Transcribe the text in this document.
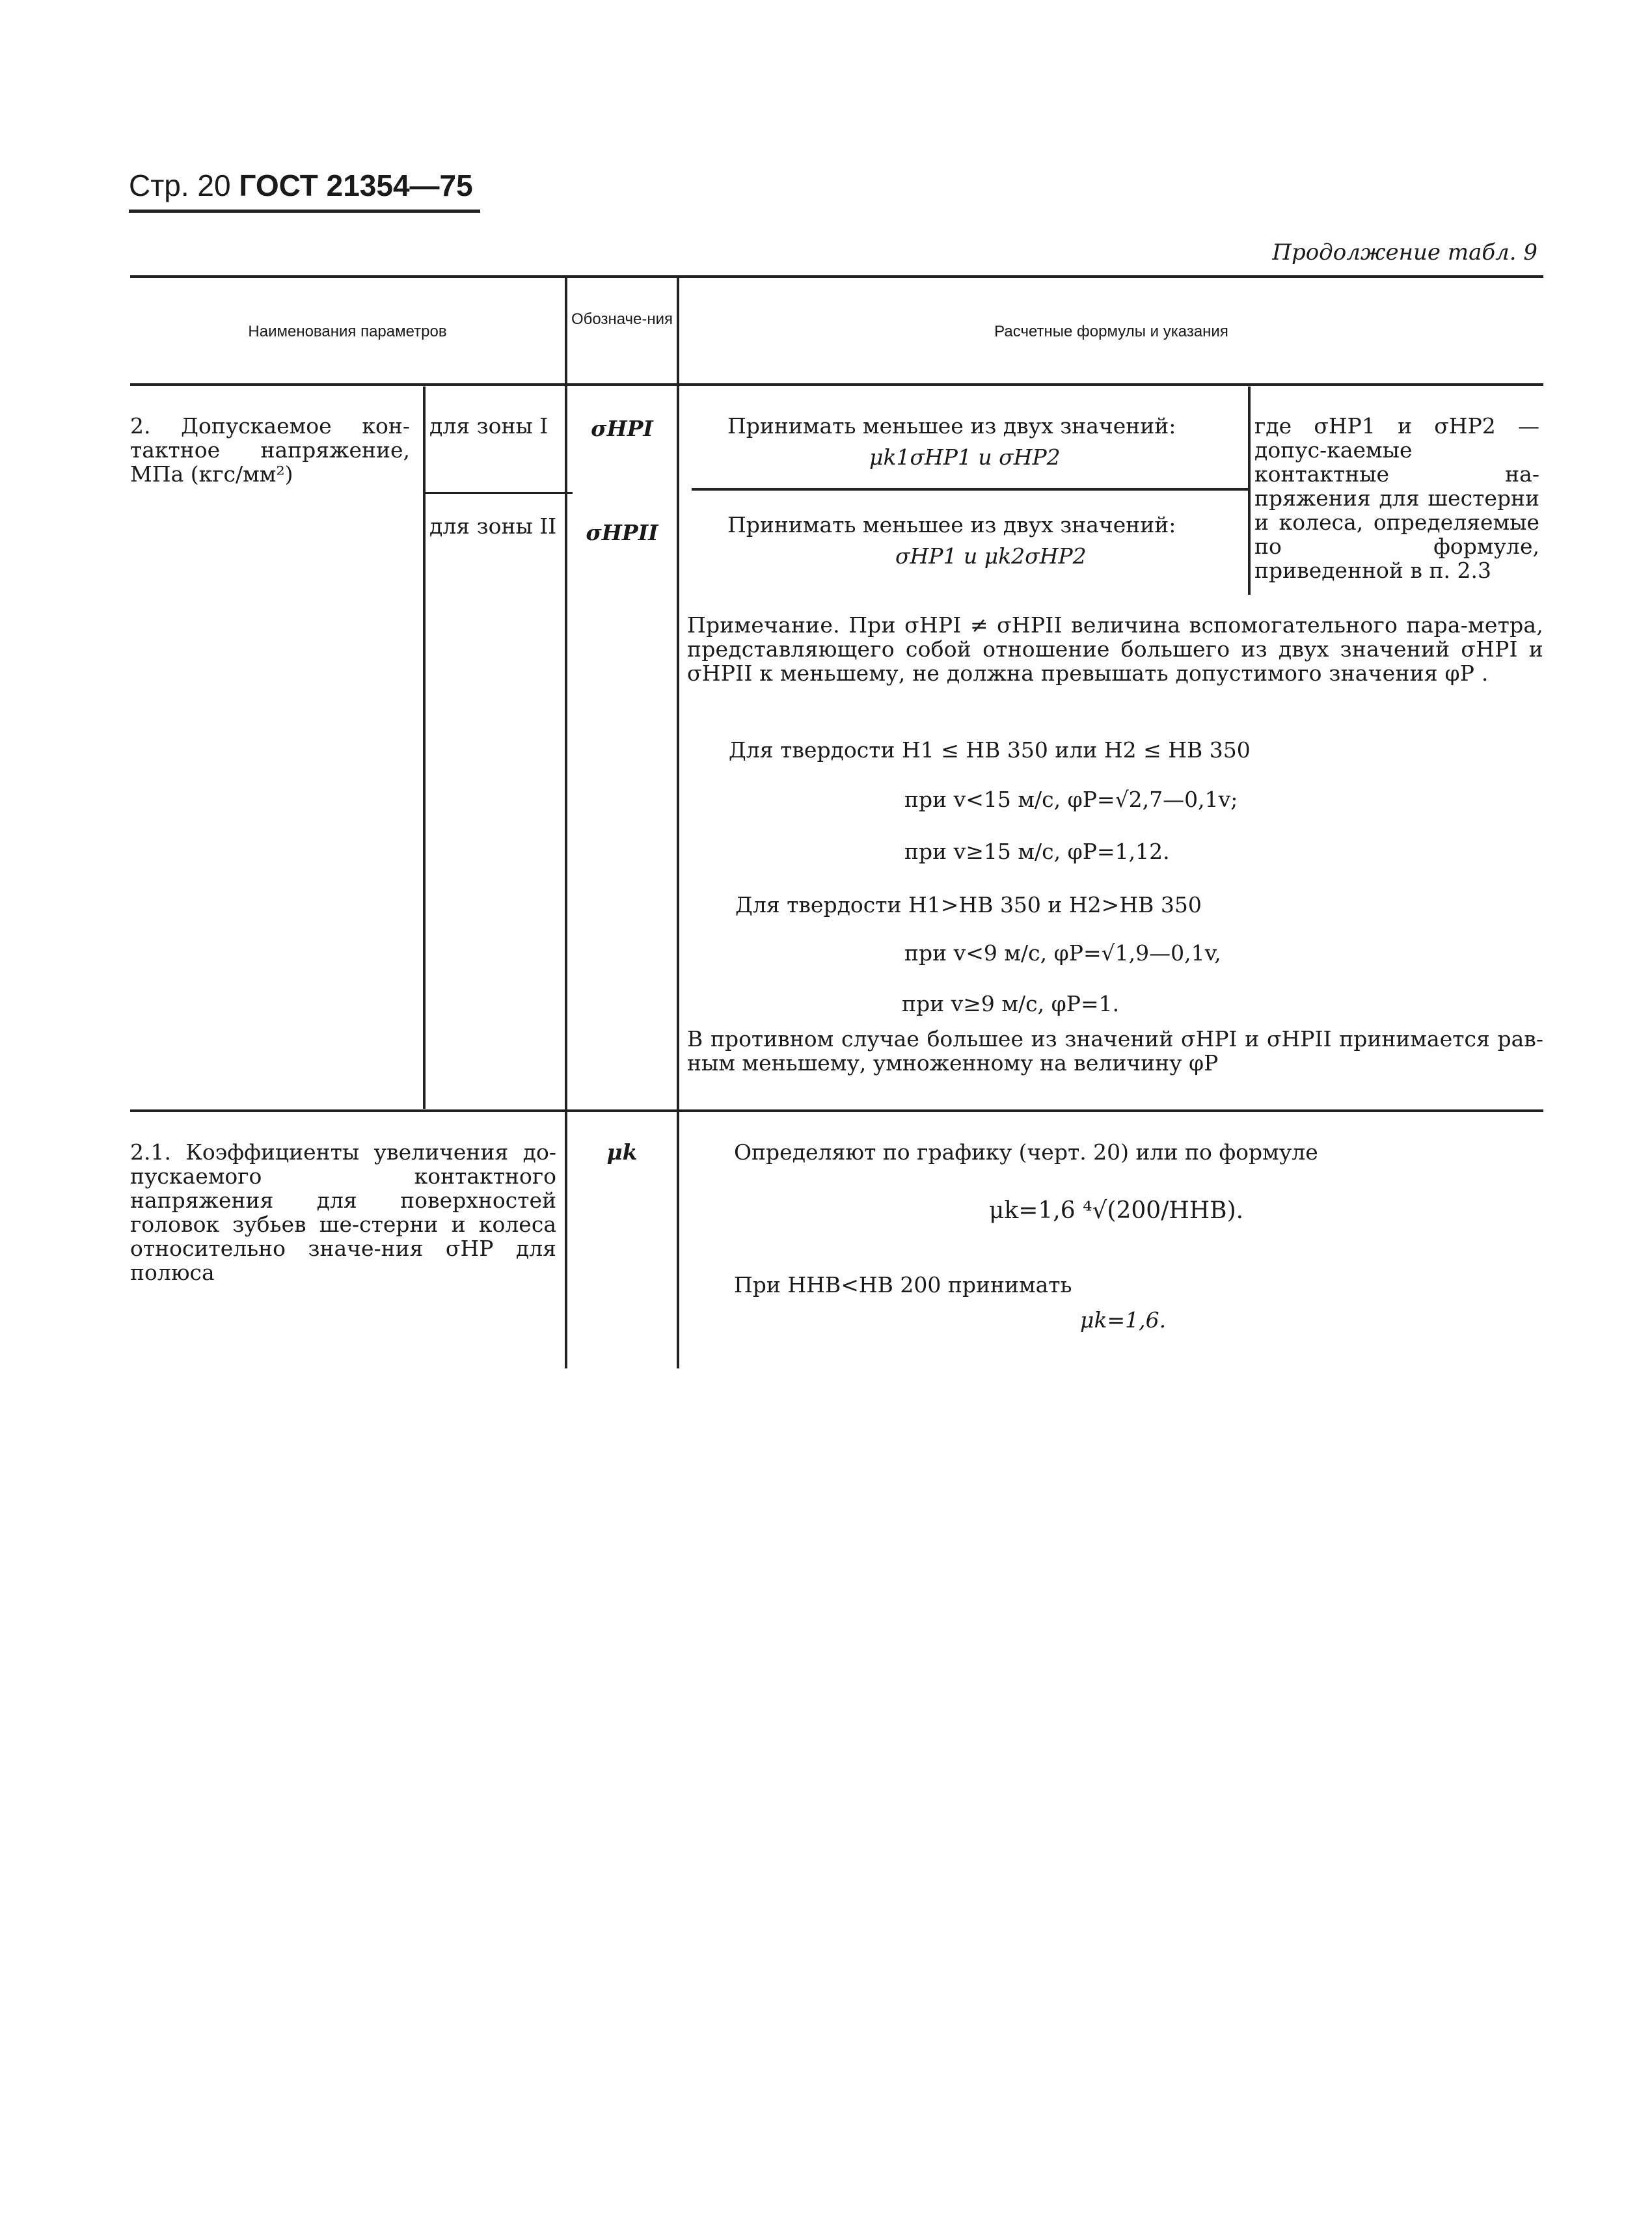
Стр. 20 ГОСТ 21354—75
Продолжение табл. 9
Наименования параметров
Обозначе-ния
Расчетные формулы и указания
2. Допускаемое кон-тактное напряжение, МПа (кгс/мм²)
для зоны I
для зоны II
σHPI
σHPII
Принимать меньшее из двух значений:
μk1σHP1 и σHP2
Принимать меньшее из двух значений:
σHP1 и μk2σHP2
где σHP1 и σHP2 — допус-каемые контактные на-пряжения для шестерни и колеса, определяемые по формуле, приведенной в п. 2.3
Примечание. При σHPI ≠ σHPII величина вспомогательного пара-метра, представляющего собой отношение большего из двух значений σHPI и σHPII к меньшему, не должна превышать допустимого значения φP .
Для твердости H1 ≤ HB 350 или H2 ≤ HB 350
при v<15 м/с, φP=√2,7—0,1v;
при v≥15 м/с, φP=1,12.
Для твердости H1>HB 350 и H2>HB 350
при v<9 м/с, φP=√1,9—0,1v,
при v≥9 м/с, φP=1.
В противном случае большее из значений σHPI и σHPII принимается рав-ным меньшему, умноженному на величину φP
2.1. Коэффициенты увеличения до-пускаемого контактного напряжения для поверхностей головок зубьев ше-стерни и колеса относительно значе-ния σHP для полюса
μk	Определяют по графику (черт. 20) или по формуле
μk=1,6 ⁴√(200/HHB).
При HHB<HB 200 принимать
μk=1,6.
